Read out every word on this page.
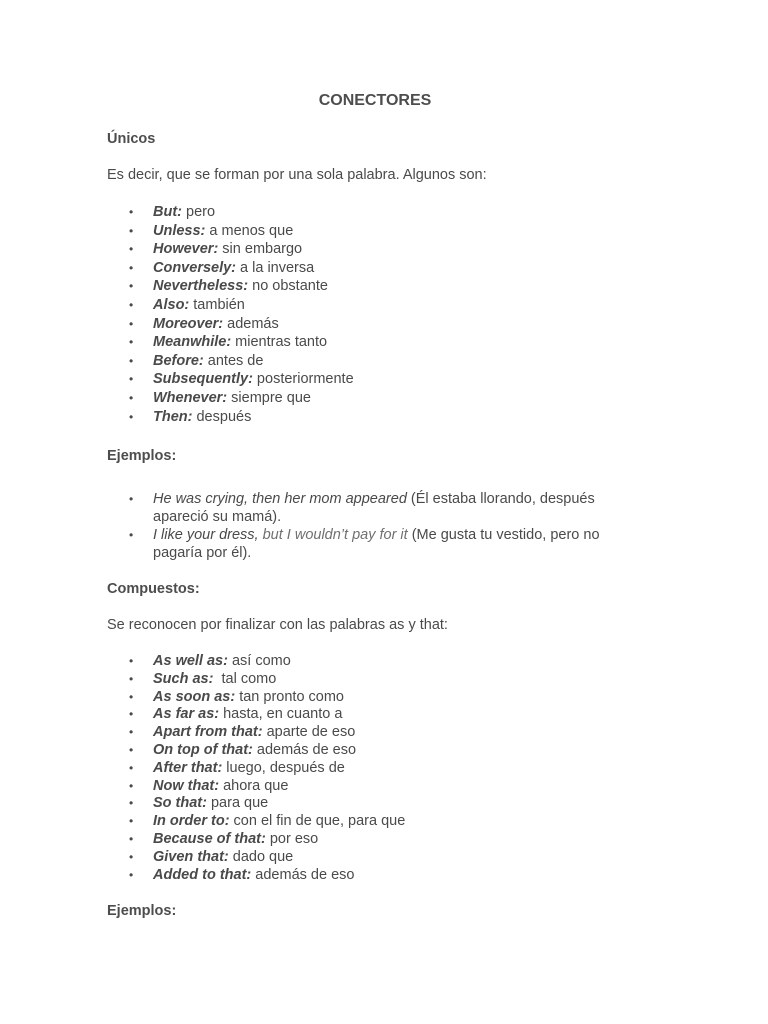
CONECTORES
Únicos

Es decir, que se forman por una sola palabra. Algunos son:

• But: pero
• Unless: a menos que
• However: sin embargo
• Conversely: a la inversa
• Nevertheless: no obstante
• Also: también
• Moreover: además
• Meanwhile: mientras tanto
• Before: antes de
• Subsequently: posteriormente
• Whenever: siempre que
• Then: después
Ejemplos:
• He was crying, then her mom appeared (Él estaba llorando, después apareció su mamá).
• I like your dress, but I wouldn’t pay for it (Me gusta tu vestido, pero no pagaría por él).
Compuestos:

Se reconocen por finalizar con las palabras as y that:

• As well as: así como
• Such as:  tal como
• As soon as: tan pronto como
• As far as: hasta, en cuanto a
• Apart from that: aparte de eso
• On top of that: además de eso
• After that: luego, después de
• Now that: ahora que
• So that: para que
• In order to: con el fin de que, para que
• Because of that: por eso
• Given that: dado que
• Added to that: además de eso
Ejemplos:
